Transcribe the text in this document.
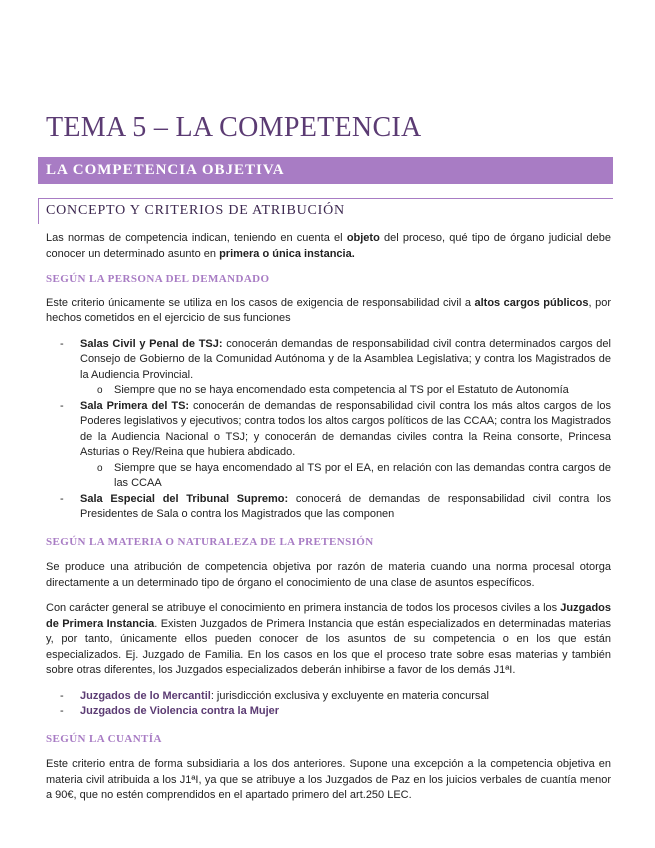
TEMA 5 – LA COMPETENCIA
LA COMPETENCIA OBJETIVA
CONCEPTO Y CRITERIOS DE ATRIBUCIÓN

Las normas de competencia indican, teniendo en cuenta el objeto del proceso, qué tipo de órgano judicial debe conocer un determinado asunto en primera o única instancia.

SEGÚN LA PERSONA DEL DEMANDADO

Este criterio únicamente se utiliza en los casos de exigencia de responsabilidad civil a altos cargos públicos, por hechos cometidos en el ejercicio de sus funciones

- Salas Civil y Penal de TSJ: conocerán demandas de responsabilidad civil contra determinados cargos del Consejo de Gobierno de la Comunidad Autónoma y de la Asamblea Legislativa; y contra los Magistrados de la Audiencia Provincial.
o Siempre que no se haya encomendado esta competencia al TS por el Estatuto de Autonomía
- Sala Primera del TS: conocerán de demandas de responsabilidad civil contra los más altos cargos de los Poderes legislativos y ejecutivos; contra todos los altos cargos políticos de las CCAA; contra los Magistrados de la Audiencia Nacional o TSJ; y conocerán de demandas civiles contra la Reina consorte, Princesa Asturias o Rey/Reina que hubiera abdicado.
o Siempre que se haya encomendado al TS por el EA, en relación con las demandas contra cargos de las CCAA
- Sala Especial del Tribunal Supremo: conocerá de demandas de responsabilidad civil contra los Presidentes de Sala o contra los Magistrados que las componen
SEGÚN LA MATERIA O NATURALEZA DE LA PRETENSIÓN

Se produce una atribución de competencia objetiva por razón de materia cuando una norma procesal otorga directamente a un determinado tipo de órgano el conocimiento de una clase de asuntos específicos.

Con carácter general se atribuye el conocimiento en primera instancia de todos los procesos civiles a los Juzgados de Primera Instancia. Existen Juzgados de Primera Instancia que están especializados en determinadas materias y, por tanto, únicamente ellos pueden conocer de los asuntos de su competencia o en los que están especializados. Ej. Juzgado de Familia. En los casos en los que el proceso trate sobre esas materias y también sobre otras diferentes, los Juzgados especializados deberán inhibirse a favor de los demás J1ªI.

- Juzgados de lo Mercantil: jurisdicción exclusiva y excluyente en materia concursal
- Juzgados de Violencia contra la Mujer
SEGÚN LA CUANTÍA

Este criterio entra de forma subsidiaria a los dos anteriores. Supone una excepción a la competencia objetiva en materia civil atribuida a los J1ªI, ya que se atribuye a los Juzgados de Paz en los juicios verbales de cuantía menor a 90€, que no estén comprendidos en el apartado primero del art.250 LEC.
